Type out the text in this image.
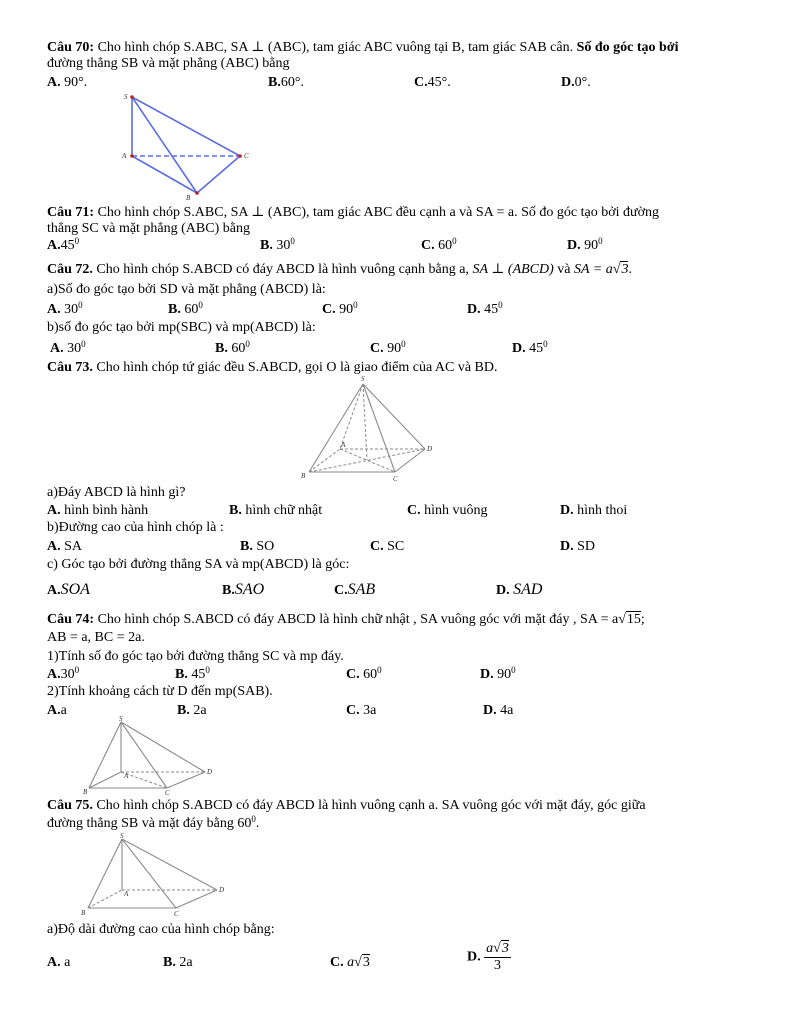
Câu 70: Cho hình chóp S.ABC, SA ⊥ (ABC), tam giác ABC vuông tại B, tam giác SAB cân. Số đo góc tạo bởi
đường thẳng SB và mặt phẳng (ABC) bằng
A. 90°.	B.60°.	C.45°.	D.0°.
S
A	C
B
Câu 71: Cho hình chóp S.ABC, SA ⊥ (ABC), tam giác ABC đều cạnh a và SA = a. Số đo góc tạo bởi đường
thẳng SC và mặt phẳng (ABC) bằng
$A.45^0$	B. $30^0$	C. $60^0$	D. $90^0$
Câu 72. Cho hình chóp S.ABCD có đáy ABCD là hình vuông cạnh bằng a, SA ⊥ (ABCD) và SA = a√3.
a)Số đo góc tạo bởi SD và mặt phẳng (ABCD) là:
A. $30^0$	B. $60^0$	C. $90^0$	D. $45^0$
b)số đo góc tạo bởi mp(SBC) và mp(ABCD) là:
A. $30^0$	B. $60^0$	C. $90^0$	D. $45^0$
Câu 73. Cho hình chóp tứ giác đều S.ABCD, gọi O là giao điểm của AC và BD.
S
A
B	C
D
a)Đáy ABCD là hình gì?
A. hình bình hành	B. hình chữ nhật	C. hình vuông	D. hình thoi
b)Đường cao của hình chóp là :
A. SA	B. SO	C. SC	D. SD
c) Góc tạo bởi đường thẳng SA và mp(ABCD) là góc:
A.SOA	B.SAO	C.SAB	D. SAD
Câu 74: Cho hình chóp S.ABCD có đáy ABCD là hình chữ nhật , SA vuông góc với mặt đáy , SA = a√15;
AB = a, BC = 2a.
1)Tính số đo góc tạo bởi đường thẳng SC và mp đáy.
$A.30^0$	B. $45^0$	C. $60^0$	D. $90^0$
2)Tính khoảng cách từ D đến mp(SAB).
A.a	B. 2a	C. 3a	D. 4a
S
A
B	C
D
Câu 75. Cho hình chóp S.ABCD có đáy ABCD là hình vuông cạnh a. SA vuông góc với mặt đáy, góc giữa
đường thẳng SB và mặt đáy bằng $60^0$.
S
A
B	C
D
a)Độ dài đường cao của hình chóp bằng:
A. a	B. 2a	C. a√3	D. $\frac{a√3}{3}$
